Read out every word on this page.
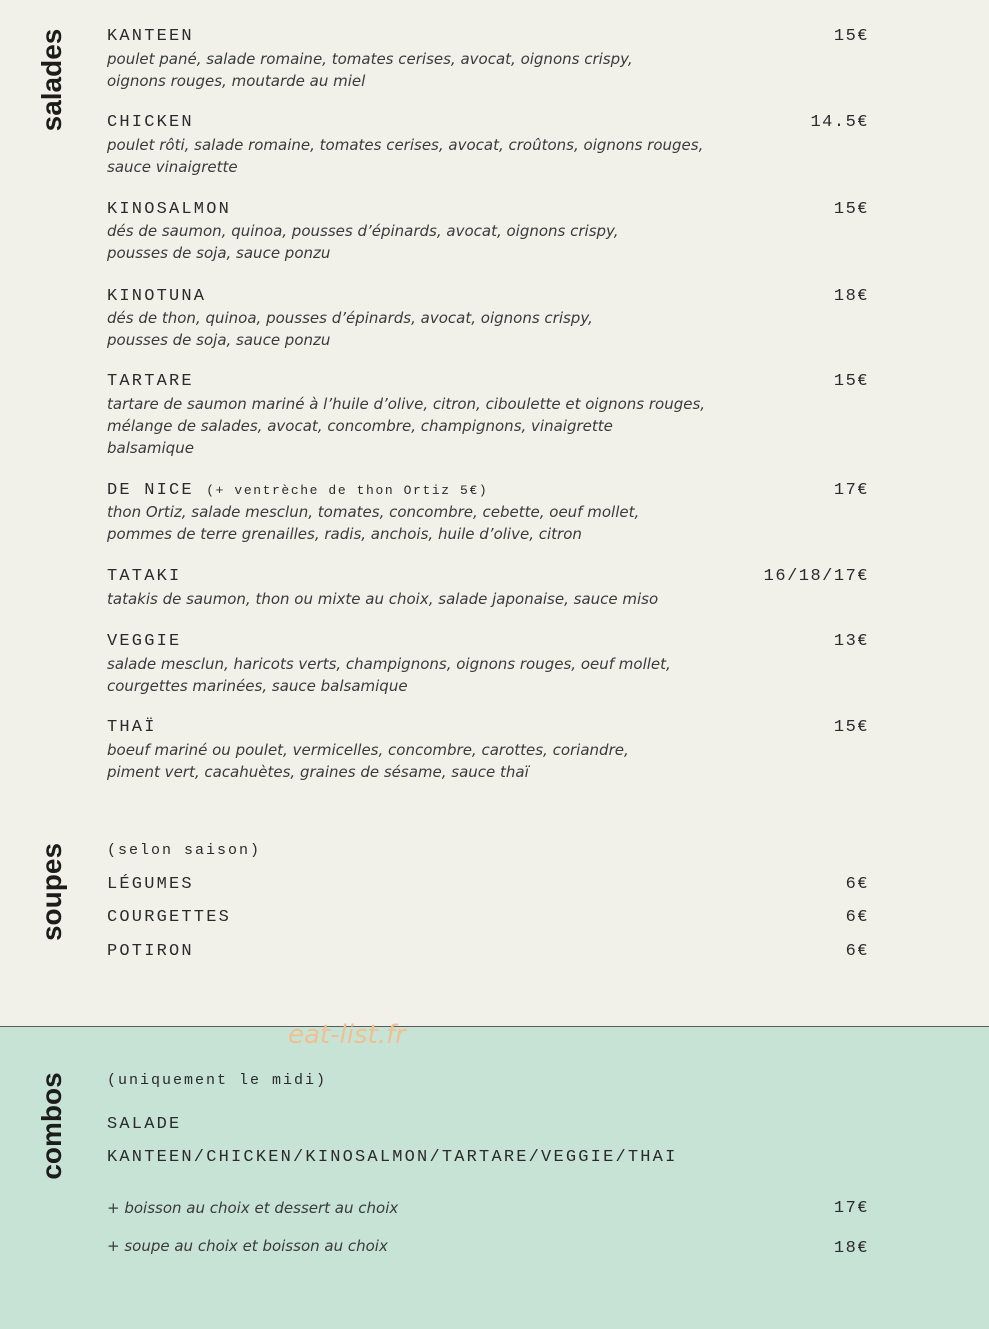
salades
soupes
KANTEEN	15€
poulet pané, salade romaine, tomates cerises, avocat, oignons crispy,
oignons rouges, moutarde au miel
CHICKEN	14.5€
poulet rôti, salade romaine, tomates cerises, avocat, croûtons, oignons rouges,
sauce vinaigrette
KINOSALMON	15€
dés de saumon, quinoa, pousses d’épinards, avocat, oignons crispy,
pousses de soja, sauce ponzu
KINOTUNA	18€
dés de thon, quinoa, pousses d’épinards, avocat, oignons crispy,
pousses de soja, sauce ponzu
TARTARE	15€
tartare de saumon mariné à l’huile d’olive, citron, ciboulette et oignons rouges,
mélange de salades, avocat, concombre, champignons, vinaigrette
balsamique
DE NICE (+ ventrèche de thon Ortiz 5€)	17€
thon Ortiz, salade mesclun, tomates, concombre, cebette, oeuf mollet,
pommes de terre grenailles, radis, anchois, huile d’olive, citron
TATAKI	16/18/17€
tatakis de saumon, thon ou mixte au choix, salade japonaise, sauce miso
VEGGIE	13€
salade mesclun, haricots verts, champignons, oignons rouges, oeuf mollet,
courgettes marinées, sauce balsamique
THAÏ	15€
boeuf mariné ou poulet, vermicelles, concombre, carottes, coriandre,
piment vert, cacahuètes, graines de sésame, sauce thaï
(selon saison)
LÉGUMES	6€
COURGETTES	6€
POTIRON	6€
eat-list.fr
combos	(uniquement le midi)
SALADE
KANTEEN/CHICKEN/KINOSALMON/TARTARE/VEGGIE/THAI
+ boisson au choix et dessert au choix	17€
+ soupe au choix et boisson au choix	18€
